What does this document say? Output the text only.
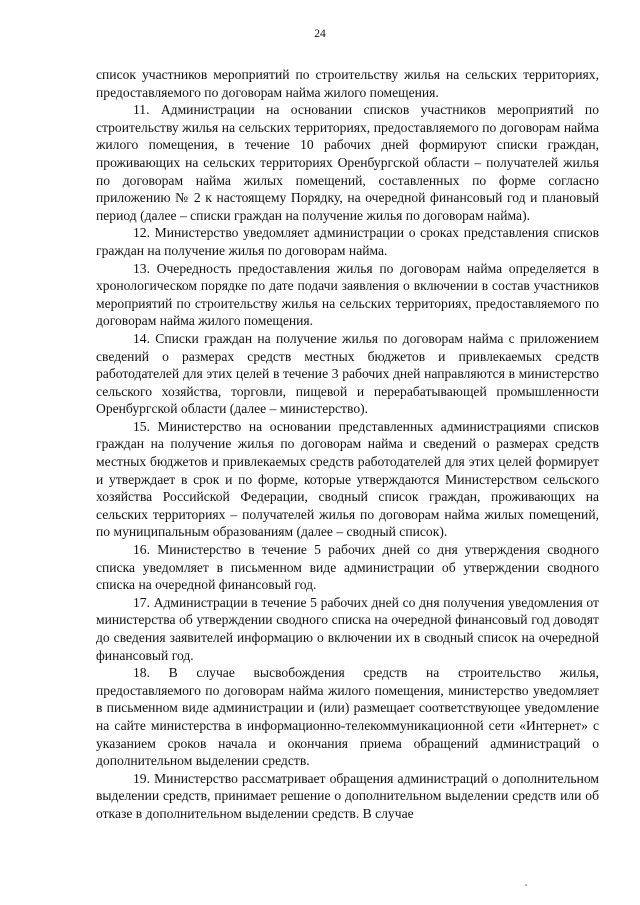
24

список участников мероприятий по строительству жилья на сельских территориях, предоставляемого по договорам найма жилого помещения.

11. Администрации на основании списков участников мероприятий по строительству жилья на сельских территориях, предоставляемого по договорам найма жилого помещения, в течение 10 рабочих дней формируют списки граждан, проживающих на сельских территориях Оренбургской области – получателей жилья по договорам найма жилых помещений, составленных по форме согласно приложению № 2 к настоящему Порядку, на очередной финансовый год и плановый период (далее – списки граждан на получение жилья по договорам найма).

12. Министерство уведомляет администрации о сроках представления списков граждан на получение жилья по договорам найма.

13. Очередность предоставления жилья по договорам найма определяется в хронологическом порядке по дате подачи заявления о включении в состав участников мероприятий по строительству жилья на сельских территориях, предоставляемого по договорам найма жилого помещения.

14. Списки граждан на получение жилья по договорам найма с приложением сведений о размерах средств местных бюджетов и привлекаемых средств работодателей для этих целей в течение 3 рабочих дней направляются в министерство сельского хозяйства, торговли, пищевой и перерабатывающей промышленности Оренбургской области (далее – министерство).

15. Министерство на основании представленных администрациями списков граждан на получение жилья по договорам найма и сведений о размерах средств местных бюджетов и привлекаемых средств работодателей для этих целей формирует и утверждает в срок и по форме, которые утверждаются Министерством сельского хозяйства Российской Федерации, сводный список граждан, проживающих на сельских территориях – получателей жилья по договорам найма жилых помещений, по муниципальным образованиям (далее – сводный список).

16. Министерство в течение 5 рабочих дней со дня утверждения сводного списка уведомляет в письменном виде администрации об утверждении сводного списка на очередной финансовый год.

17. Администрации в течение 5 рабочих дней со дня получения уведомления от министерства об утверждении сводного списка на очередной финансовый год доводят до сведения заявителей информацию о включении их в сводный список на очередной финансовый год.

18. В случае высвобождения средств на строительство жилья, предоставляемого по договорам найма жилого помещения, министерство уведомляет в письменном виде администрации и (или) размещает соответствующее уведомление на сайте министерства в информационно-телекоммуникационной сети «Интернет» с указанием сроков начала и окончания приема обращений администраций о дополнительном выделении средств.

19. Министерство рассматривает обращения администраций о дополнительном выделении средств, принимает решение о дополнительном выделении средств или об отказе в дополнительном выделении средств. В случае
